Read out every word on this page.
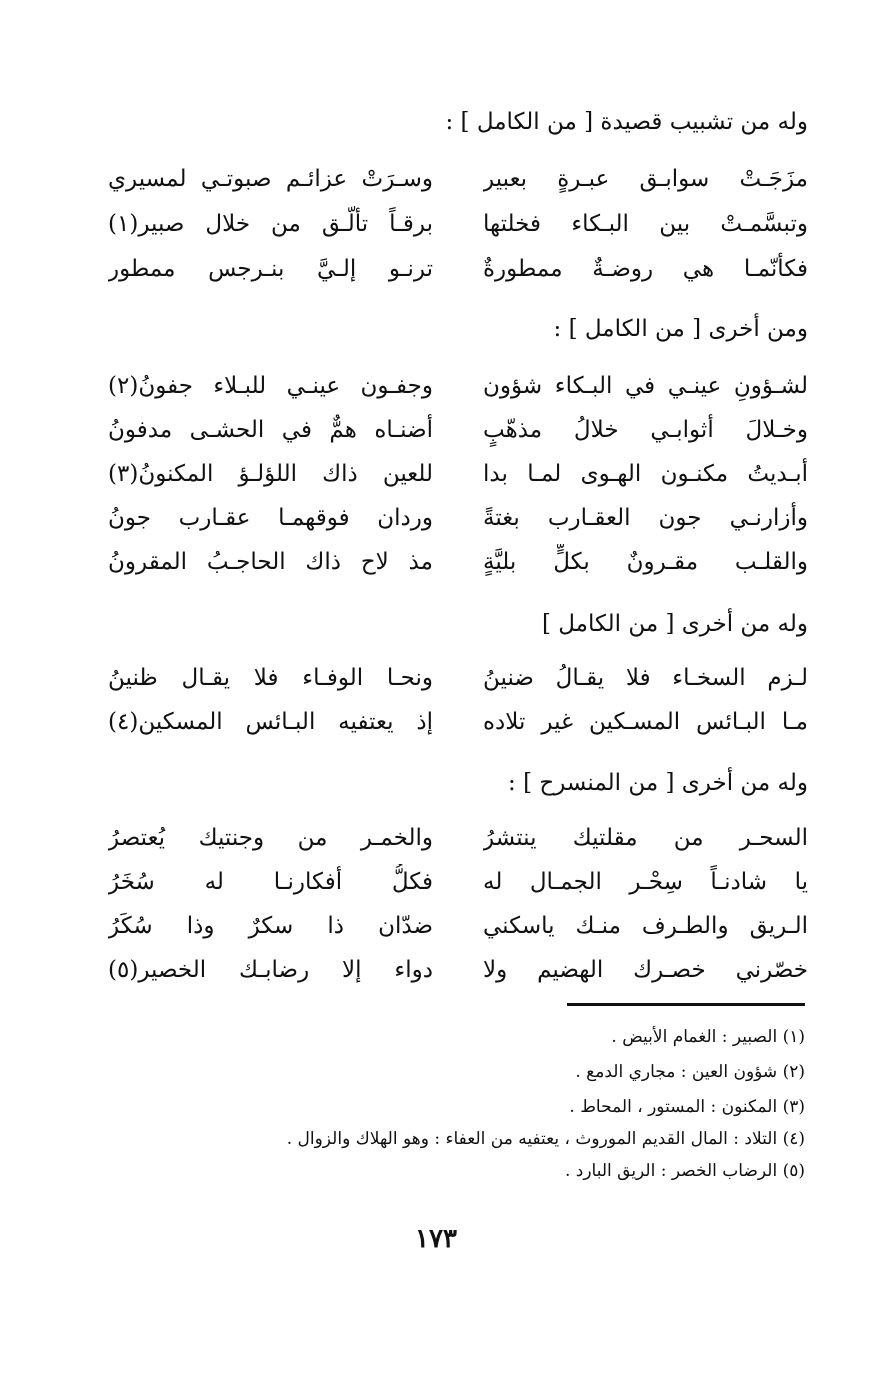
وله من تشبيب قصيدة [ من الكامل ] :
مزَجَـتْ سوابـق عبـرةٍ بعبير
وسـرَتْ عزائـم صبوتـي لمسيري
وتبسَّمـتْ بين البـكاء فخلتها
برقـاً تألَّـق من خلال صبير(١)
فكأنّمـا هي روضـةٌ ممطورةٌ
ترنـو إلـيَّ بنـرجس ممطور
ومن أخرى [ من الكامل ] :
لشـؤونِ عينـي في البـكاء شؤون
وجفـون عينـي للبـلاء جفونُ(٢)
وخـلالَ أثوابـي خلالُ مذهّبٍ
أضنـاه همٌّ في الحشـى مدفونُ
أبـديتُ مكنـون الهـوى لمـا بدا
للعين ذاك اللؤلـؤ المكنونُ(٣)
وأزارنـي جون العقـارب بغتةً
وردان فوقهمـا عقـارب جونُ
والقلـب مقـرونٌ بكلٍّ بليَّةٍ
مذ لاح ذاك الحاجـبُ المقرونُ
وله من أخرى [ من الكامل ]
لـزم السخـاء فلا يقـالُ ضنينُ
ونحـا الوفـاء فلا يقـال ظنينُ
مـا البـائس المسـكين غير تلاده
إذ يعتفيه البـائس المسكين(٤)
وله من أخرى [ من المنسرح ] :
السحـر من مقلتيك ينتشرُ
والخمـر من وجنتيك يُعتصرُ
يا شادنـاً سِحْـر الجمـال له
فكلُّ أفكارنـا له سُخَرُ
الـريق والطـرف منـك ياسكني
ضدّان ذا سكرٌ وذا سُكَرُ
خصّرني خصـرك الهضيم ولا
دواء إلا رضابـك الخصير(٥)
(١) الصبير : الغمام الأبيض .
(٢) شؤون العين : مجاري الدمع .
(٣) المكنون : المستور ، المحاط .
(٤) التلاد : المال القديم الموروث ، يعتفيه من العفاء : وهو الهلاك والزوال .
(٥) الرضاب الخصر : الريق البارد .
١٧٣
